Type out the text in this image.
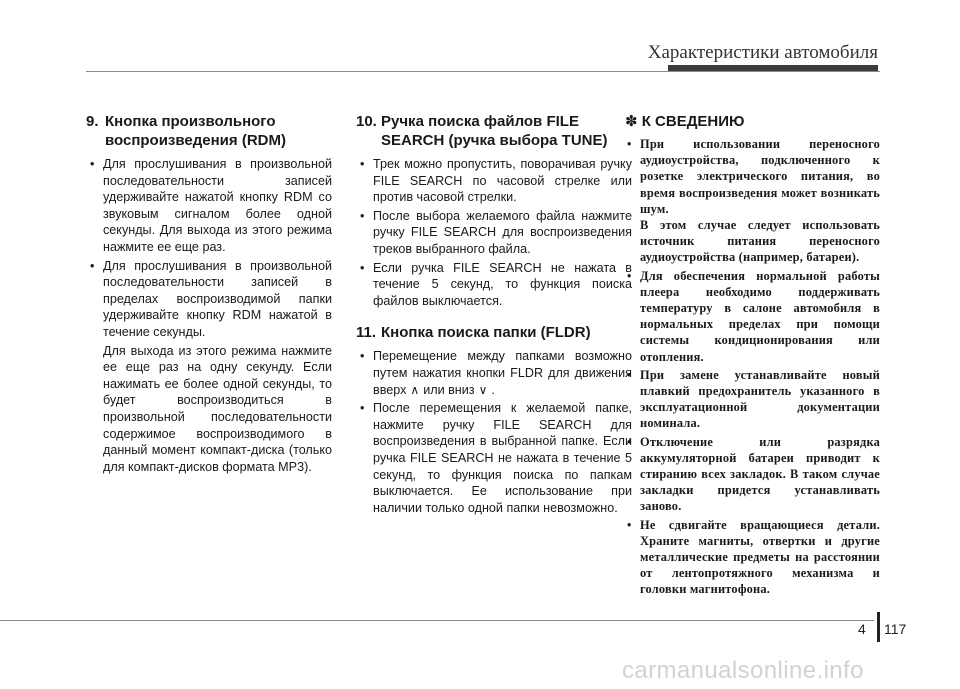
Характеристики автомобиля
9. Кнопка произвольного воспроизведения (RDM)
• Для прослушивания в произвольной последовательности записей удерживайте нажатой кнопку RDM со звуковым сигналом более одной секунды. Для выхода из этого режима нажмите ее еще раз.
• Для прослушивания в произвольной последовательности записей в пределах воспроизводимой папки удерживайте кнопку RDM нажатой в течение секунды.
Для выхода из этого режима нажмите ее еще раз на одну секунду. Если нажимать ее более одной секунды, то будет воспроизводиться в произвольной последовательности содержимое воспроизводимого в данный момент компакт-диска (только для компакт-дисков формата MP3).
10. Ручка поиска файлов FILE SEARCH (ручка выбора TUNE)
• Трек можно пропустить, поворачивая ручку FILE SEARCH по часовой стрелке или против часовой стрелки.
• После выбора желаемого файла нажмите ручку FILE SEARCH для воспроизведения треков выбранного файла.
• Если ручка FILE SEARCH не нажата в течение 5 секунд, то функция поиска файлов выключается.
11. Кнопка поиска папки (FLDR)
• Перемещение между папками возможно путем нажатия кнопки FLDR для движения вверх ∧ или вниз ∨ .
• После перемещения к желаемой папке, нажмите ручку FILE SEARCH для воспроизведения в выбранной папке. Если ручка FILE SEARCH не нажата в течение 5 секунд, то функция поиска по папкам выключается. Ее использование при наличии только одной папки невозможно.
✽ К СВЕДЕНИЮ
• При использовании переносного аудиоустройства, подключенного к розетке электрического питания, во время воспроизведения может возникать шум.
В этом случае следует использовать источник питания переносного аудиоустройства (например, батареи).
• Для обеспечения нормальной работы плеера необходимо поддерживать температуру в салоне автомобиля в нормальных пределах при помощи системы кондиционирования или отопления.
• При замене устанавливайте новый плавкий предохранитель указанного в эксплуатационной документации номинала.
• Отключение или разрядка аккумуляторной батареи приводит к стиранию всех закладок. В таком случае закладки придется устанавливать заново.
• Не сдвигайте вращающиеся детали. Храните магниты, отвертки и другие металлические предметы на расстоянии от лентопротяжного механизма и головки магнитофона.
4 117
carmanualsonline.info
